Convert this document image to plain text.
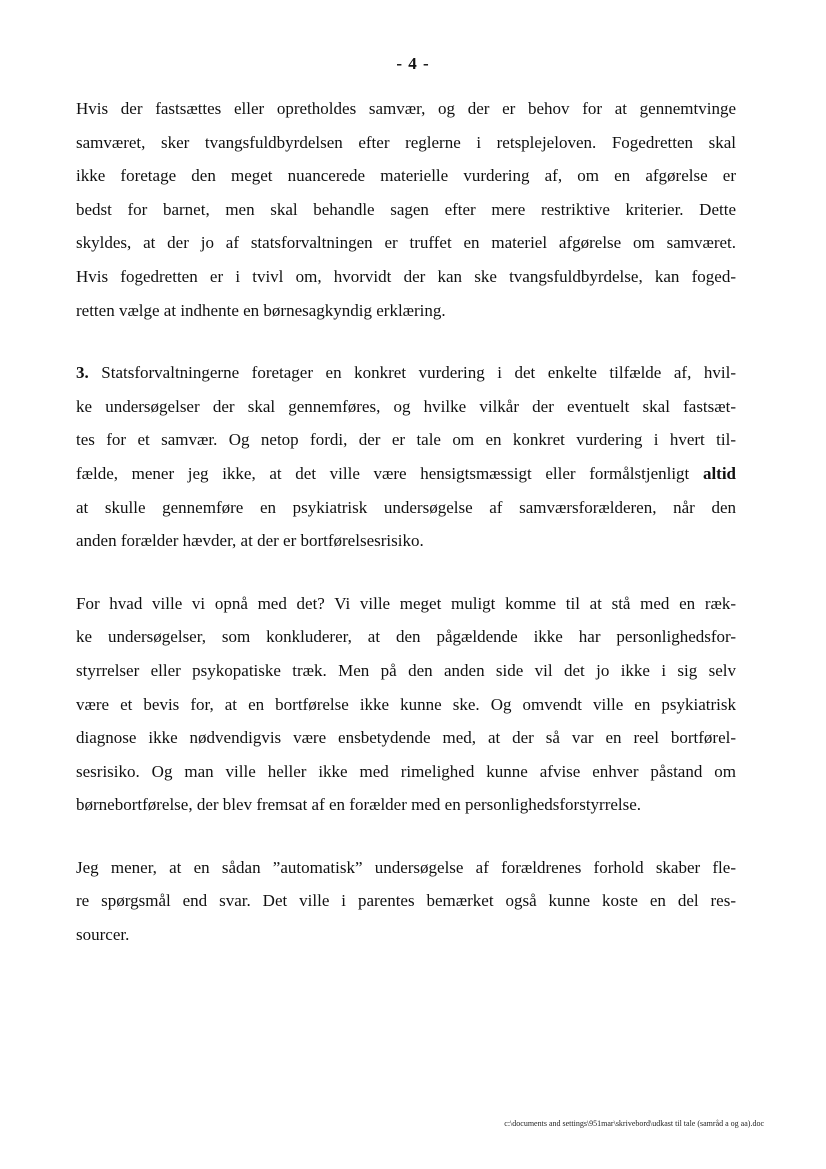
- 4 -
Hvis der fastsættes eller opretholdes samvær, og der er behov for at gennemtvinge
samværet, sker tvangsfuldbyrdelsen efter reglerne i retsplejeloven. Fogedretten skal
ikke foretage den meget nuancerede materielle vurdering af, om en afgørelse er
bedst for barnet, men skal behandle sagen efter mere restriktive kriterier. Dette
skyldes, at der jo af statsforvaltningen er truffet en materiel afgørelse om samværet.
Hvis fogedretten er i tvivl om, hvorvidt der kan ske tvangsfuldbyrdelse, kan foged-
retten vælge at indhente en børnesagkyndig erklæring.
3. Statsforvaltningerne foretager en konkret vurdering i det enkelte tilfælde af, hvil-
ke undersøgelser der skal gennemføres, og hvilke vilkår der eventuelt skal fastsæt-
tes for et samvær. Og netop fordi, der er tale om en konkret vurdering i hvert til-
fælde, mener jeg ikke, at det ville være hensigtsmæssigt eller formålstjenligt altid
at skulle gennemføre en psykiatrisk undersøgelse af samværsforælderen, når den
anden forælder hævder, at der er bortførelsesrisiko.
For hvad ville vi opnå med det? Vi ville meget muligt komme til at stå med en ræk-
ke undersøgelser, som konkluderer, at den pågældende ikke har personlighedsfor-
styrrelser eller psykopatiske træk. Men på den anden side vil det jo ikke i sig selv
være et bevis for, at en bortførelse ikke kunne ske. Og omvendt ville en psykiatrisk
diagnose ikke nødvendigvis være ensbetydende med, at der så var en reel bortførel-
sesrisiko. Og man ville heller ikke med rimelighed kunne afvise enhver påstand om
børnebortførelse, der blev fremsat af en forælder med en personlighedsforstyrrelse.
Jeg mener, at en sådan ”automatisk” undersøgelse af forældrenes forhold skaber fle-
re spørgsmål end svar. Det ville i parentes bemærket også kunne koste en del res-
sourcer.
c:\documents and settings\951mar\skrivebord\udkast til tale (samråd a og aa).doc
